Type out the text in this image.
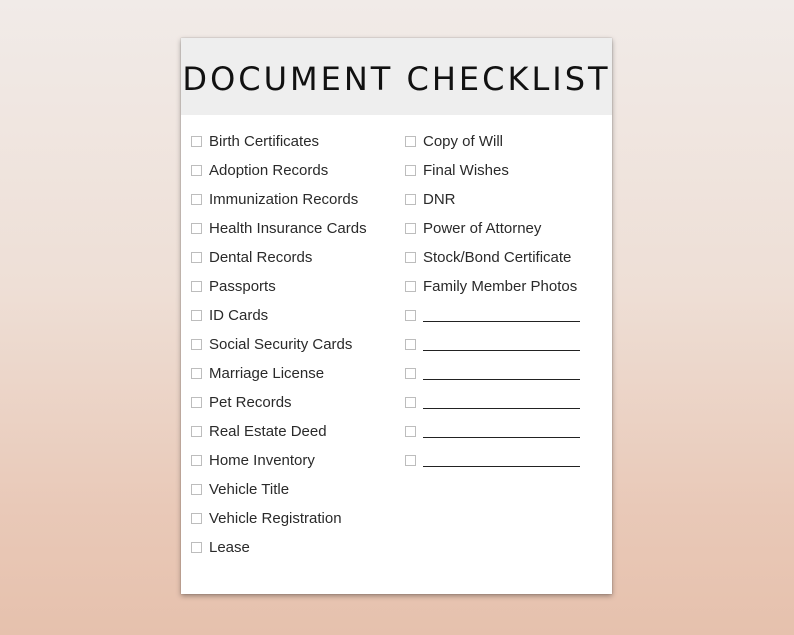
DOCUMENT CHECKLIST
Birth Certificates
Adoption Records
Immunization Records
Health Insurance Cards
Dental Records
Passports
ID Cards
Social Security Cards
Marriage License
Pet Records
Real Estate Deed
Home Inventory
Vehicle Title
Vehicle Registration
Lease
Copy of Will
Final Wishes
DNR
Power of Attorney
Stock/Bond Certificate
Family Member Photos
